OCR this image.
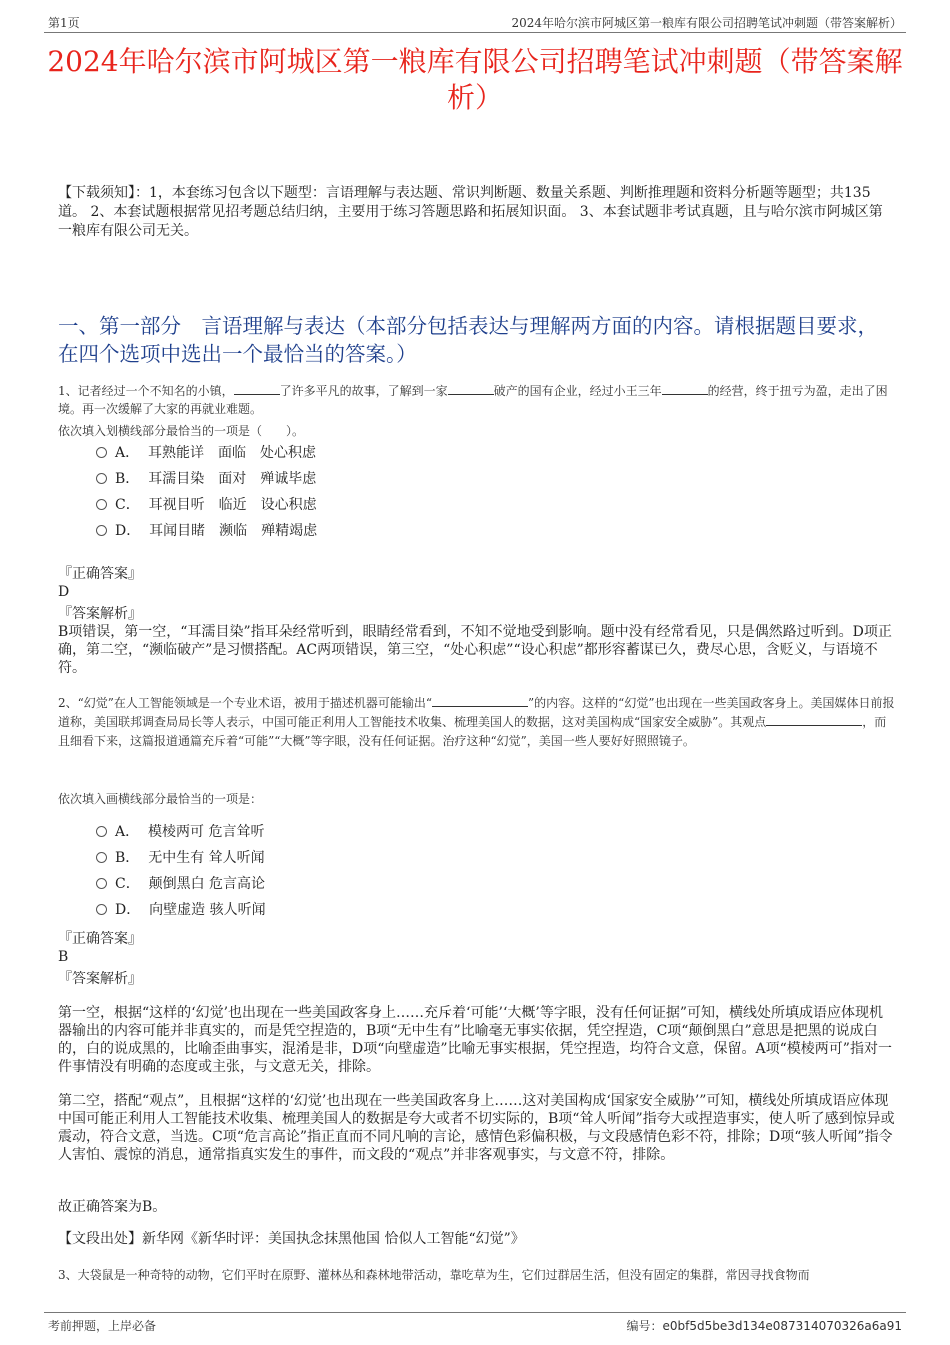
第1页	2024年哈尔滨市阿城区第一粮库有限公司招聘笔试冲刺题（带答案解析）
2024年哈尔滨市阿城区第一粮库有限公司招聘笔试冲刺题（带答案解析）
【下载须知】：1，本套练习包含以下题型：言语理解与表达题、常识判断题、数量关系题、判断推理题和资料分析题等题型；共135道。 2、本套试题根据常见招考题总结归纳，主要用于练习答题思路和拓展知识面。 3、本套试题非考试真题，且与哈尔滨市阿城区第一粮库有限公司无关。
一、第一部分　言语理解与表达（本部分包括表达与理解两方面的内容。请根据题目要求，在四个选项中选出一个最恰当的答案。）
1、记者经过一个不知名的小镇，	了许多平凡的故事，了解到一家	破产的国有企业，经过小王三年	的经营，终于扭亏为盈，走出了困境。再一次缓解了大家的再就业难题。
依次填入划横线部分最恰当的一项是（　　）。
A．  耳熟能详　面临　处心积虑
B．  耳濡目染　面对　殚诚毕虑
C．  耳视目听　临近　设心积虑
D．  耳闻目睹　濒临　殚精竭虑
『正确答案』
D
『答案解析』
B项错误，第一空，“耳濡目染”指耳朵经常听到，眼睛经常看到，不知不觉地受到影响。题中没有经常看见，只是偶然路过听到。D项正确，第二空，“濒临破产”是习惯搭配。AC两项错误，第三空，“处心积虑”“设心积虑”都形容蓄谋已久，费尽心思，含贬义，与语境不符。
2、“幻觉”在人工智能领域是一个专业术语，被用于描述机器可能输出“	”的内容。这样的“幻觉”也出现在一些美国政客身上。美国媒体日前报道称，美国联邦调查局局长等人表示，中国可能正利用人工智能技术收集、梳理美国人的数据，这对美国构成“国家安全威胁”。其观点	，而且细看下来，这篇报道通篇充斥着“可能”“大概”等字眼，没有任何证据。治疗这种“幻觉”，美国一些人要好好照照镜子。
依次填入画横线部分最恰当的一项是：
A．  模棱两可 危言耸听
B．  无中生有 耸人听闻
C．  颠倒黑白 危言高论
D．  向壁虚造 骇人听闻
『正确答案』
B
『答案解析』
第一空，根据“这样的‘幻觉’也出现在一些美国政客身上……充斥着‘可能’‘大概’等字眼，没有任何证据”可知，横线处所填成语应体现机器输出的内容可能并非真实的，而是凭空捏造的，B项“无中生有”比喻毫无事实依据，凭空捏造，C项“颠倒黑白”意思是把黑的说成白的，白的说成黑的，比喻歪曲事实，混淆是非，D项“向壁虚造”比喻无事实根据，凭空捏造，均符合文意，保留。A项“模棱两可”指对一件事情没有明确的态度或主张，与文意无关，排除。
第二空，搭配“观点”，且根据“这样的‘幻觉’也出现在一些美国政客身上……这对美国构成‘国家安全威胁’”可知，横线处所填成语应体现中国可能正利用人工智能技术收集、梳理美国人的数据是夸大或者不切实际的，B项“耸人听闻”指夸大或捏造事实，使人听了感到惊异或震动，符合文意，当选。C项“危言高论”指正直而不同凡响的言论，感情色彩偏积极，与文段感情色彩不符，排除；D项“骇人听闻”指令人害怕、震惊的消息，通常指真实发生的事件，而文段的“观点”并非客观事实，与文意不符，排除。
故正确答案为B。
【文段出处】新华网《新华时评：美国执念抹黑他国 恰似人工智能“幻觉”》
3、大袋鼠是一种奇特的动物，它们平时在原野、灌林丛和森林地带活动，靠吃草为生，它们过群居生活，但没有固定的集群，常因寻找食物而
考前押题，上岸必备	编号：e0bf5d5be3d134e087314070326a6a91
